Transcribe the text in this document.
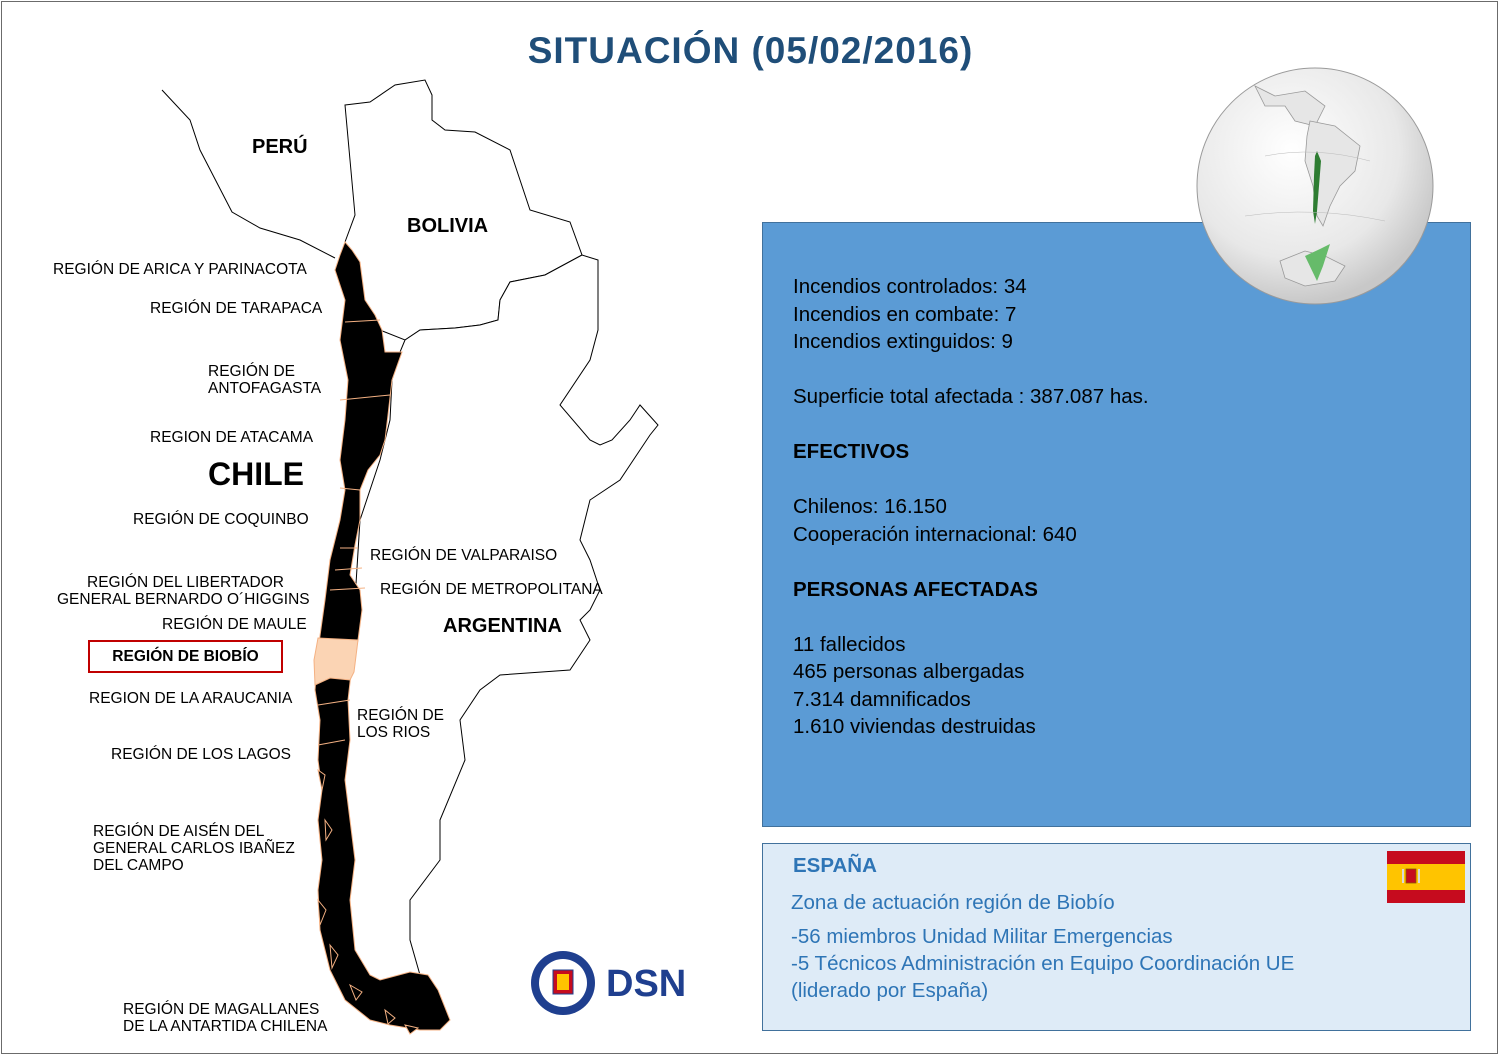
SITUACIÓN (05/02/2016)
PERÚ
BOLIVIA
CHILE
ARGENTINA
REGIÓN DE ARICA Y PARINACOTA
REGIÓN DE TARAPACA
REGIÓN DE
ANTOFAGASTA
REGION DE ATACAMA
REGIÓN DE COQUINBO
REGIÓN DE VALPARAISO
REGIÓN DE METROPOLITANA
REGIÓN DEL LIBERTADOR
GENERAL BERNARDO O´HIGGINS
REGIÓN DE MAULE
REGIÓN DE BIOBÍO
REGION DE LA ARAUCANIA
REGIÓN DE
LOS RIOS
REGIÓN DE LOS LAGOS
REGIÓN DE AISÉN DEL
GENERAL CARLOS IBAÑEZ
DEL CAMPO
REGIÓN DE MAGALLANES
DE LA ANTARTIDA CHILENA
Incendios controlados: 34
Incendios en combate: 7
Incendios extinguidos: 9
Superficie total afectada : 387.087 has.
EFECTIVOS
Chilenos: 16.150
Cooperación internacional: 640
PERSONAS AFECTADAS
11 fallecidos
465 personas albergadas
7.314 damnificados
1.610 viviendas destruidas
ESPAÑA
Zona de actuación región de Biobío
-56 miembros Unidad Militar Emergencias
-5 Técnicos Administración en Equipo Coordinación UE
(liderado por España)
DSN
